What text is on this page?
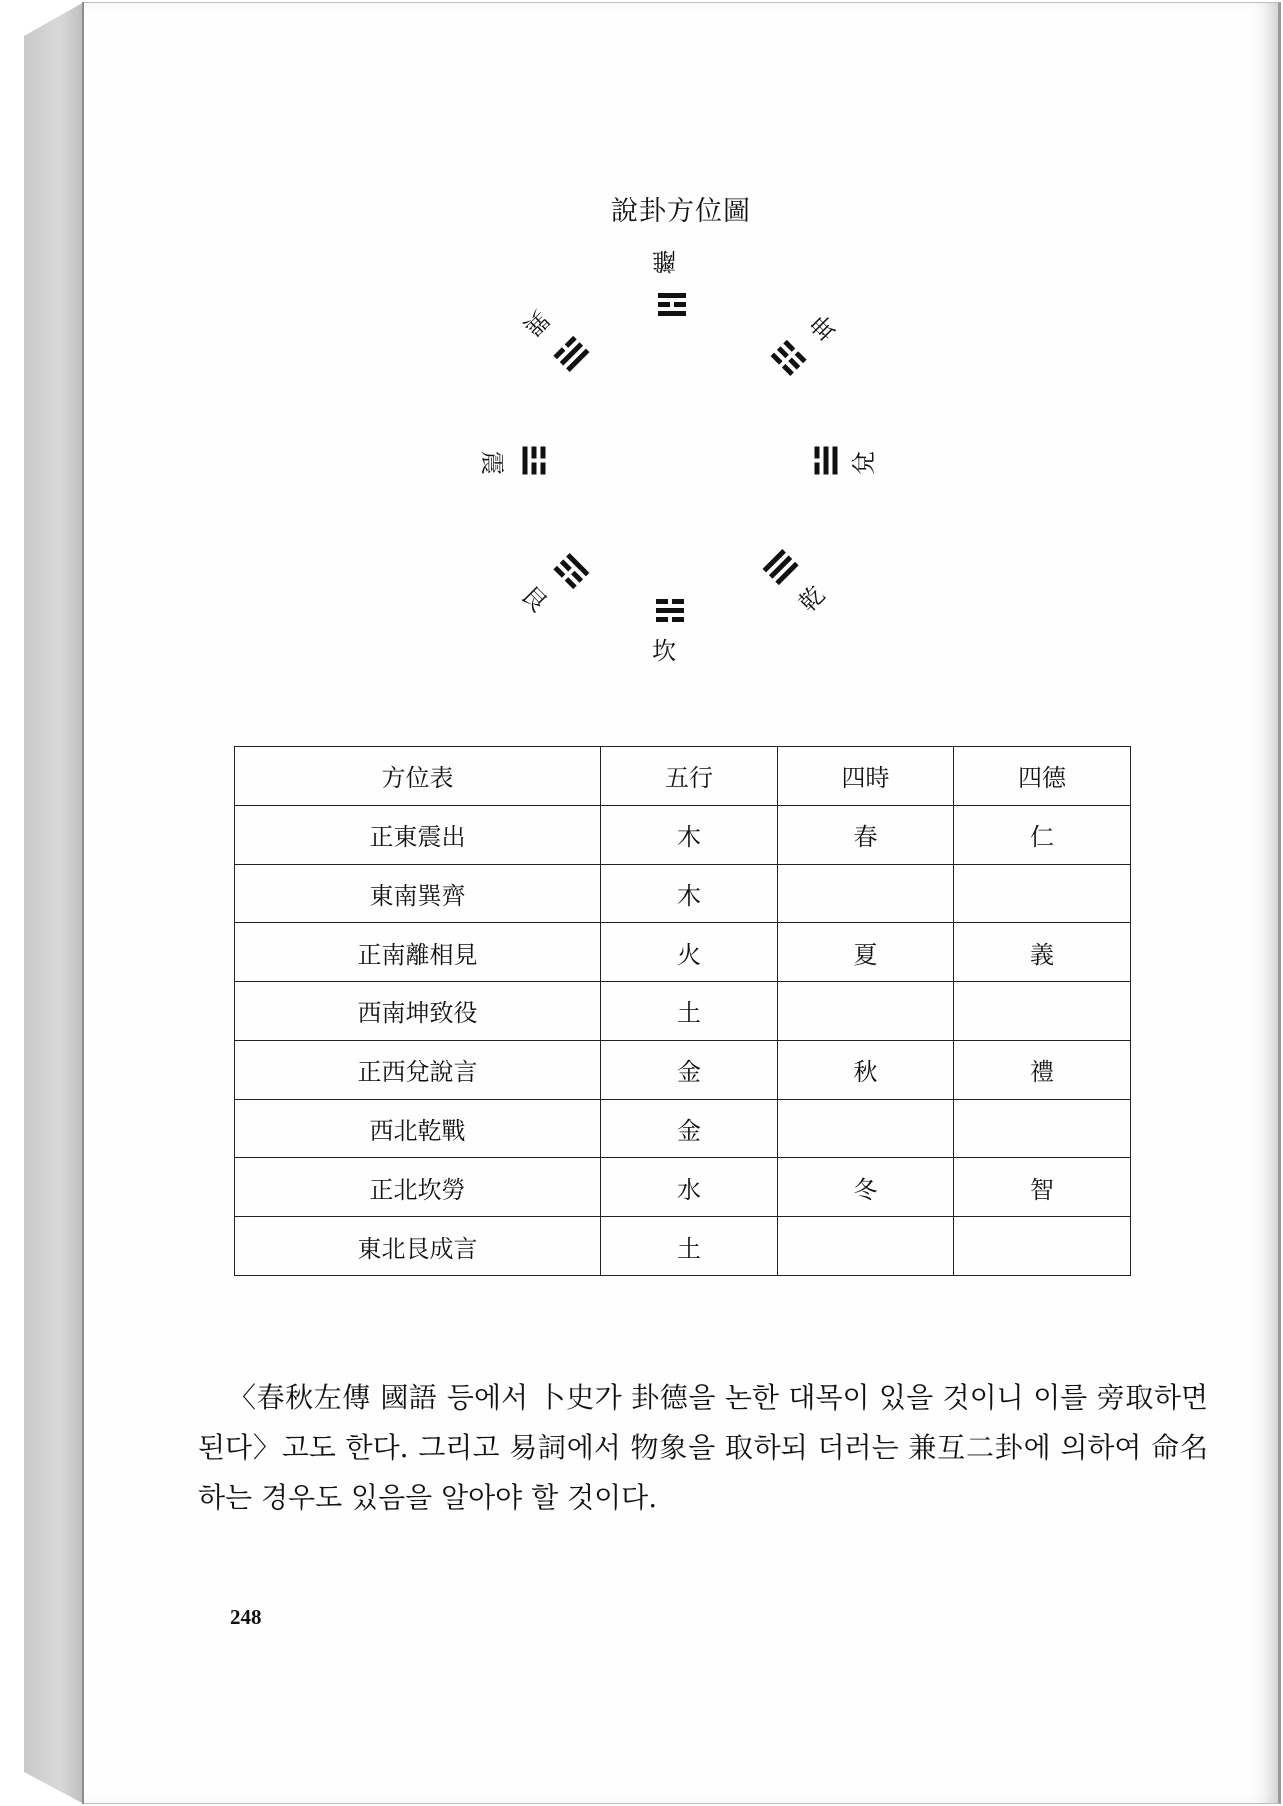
說卦方位圖
離
坤
兌
乾
坎
艮
震
巽
方位表	五行	四時	四德
正東震出	木	春	仁
東南巽齊	木		
正南離相見	火	夏	義
西南坤致役	土		
正西兌說言	金	秋	禮
西北乾戰	金		
正北坎勞	水	冬	智
東北艮成言	土		

〈春秋左傳 國語 등에서 卜史가 卦德을 논한 대목이 있을 것이니 이를 旁取하면 된다〉고도 한다. 그리고 易詞에서 物象을 取하되 더러는 兼互二卦에 의하여 命名하는 경우도 있음을 알아야 할 것이다.

248
